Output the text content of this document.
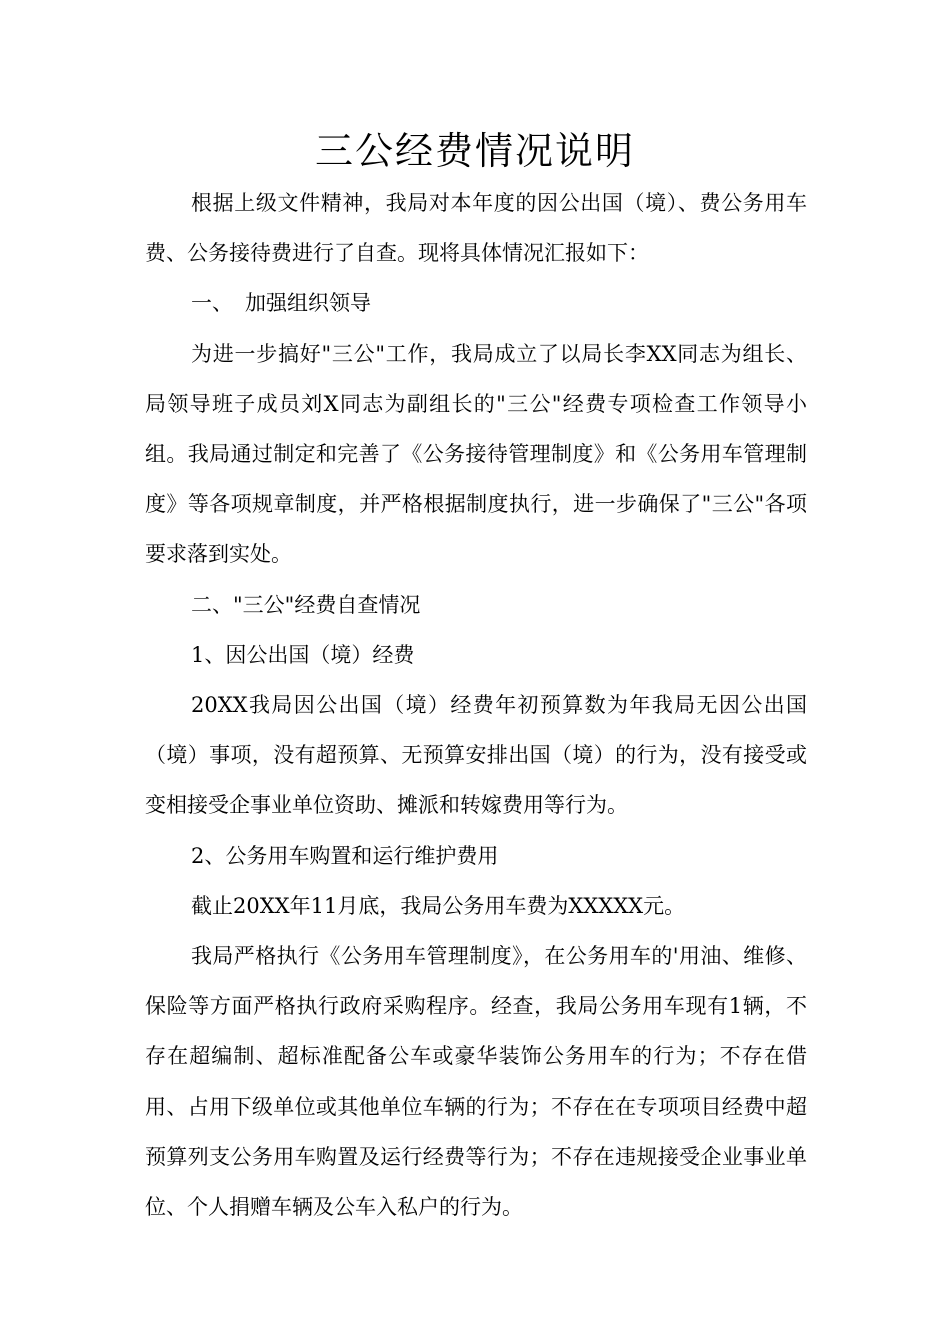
三公经费情况说明

根据上级文件精神，我局对本年度的因公出国（境）、费公务用车费、公务接待费进行了自查。现将具体情况汇报如下：

一、 加强组织领导

为进一步搞好"三公"工作，我局成立了以局长李XX同志为组长、局领导班子成员刘X同志为副组长的"三公"经费专项检查工作领导小组。我局通过制定和完善了《公务接待管理制度》和《公务用车管理制度》等各项规章制度，并严格根据制度执行，进一步确保了"三公"各项要求落到实处。

二、"三公"经费自查情况

1、因公出国（境）经费

20XX我局因公出国（境）经费年初预算数为年我局无因公出国（境）事项，没有超预算、无预算安排出国（境）的行为，没有接受或变相接受企事业单位资助、摊派和转嫁费用等行为。

2、公务用车购置和运行维护费用

截止20XX年11月底，我局公务用车费为XXXXX元。

我局严格执行《公务用车管理制度》，在公务用车的'用油、维修、保险等方面严格执行政府采购程序。经查，我局公务用车现有1辆，不存在超编制、超标准配备公车或豪华装饰公务用车的行为；不存在借用、占用下级单位或其他单位车辆的行为；不存在在专项项目经费中超预算列支公务用车购置及运行经费等行为；不存在违规接受企业事业单位、个人捐赠车辆及公车入私户的行为。
